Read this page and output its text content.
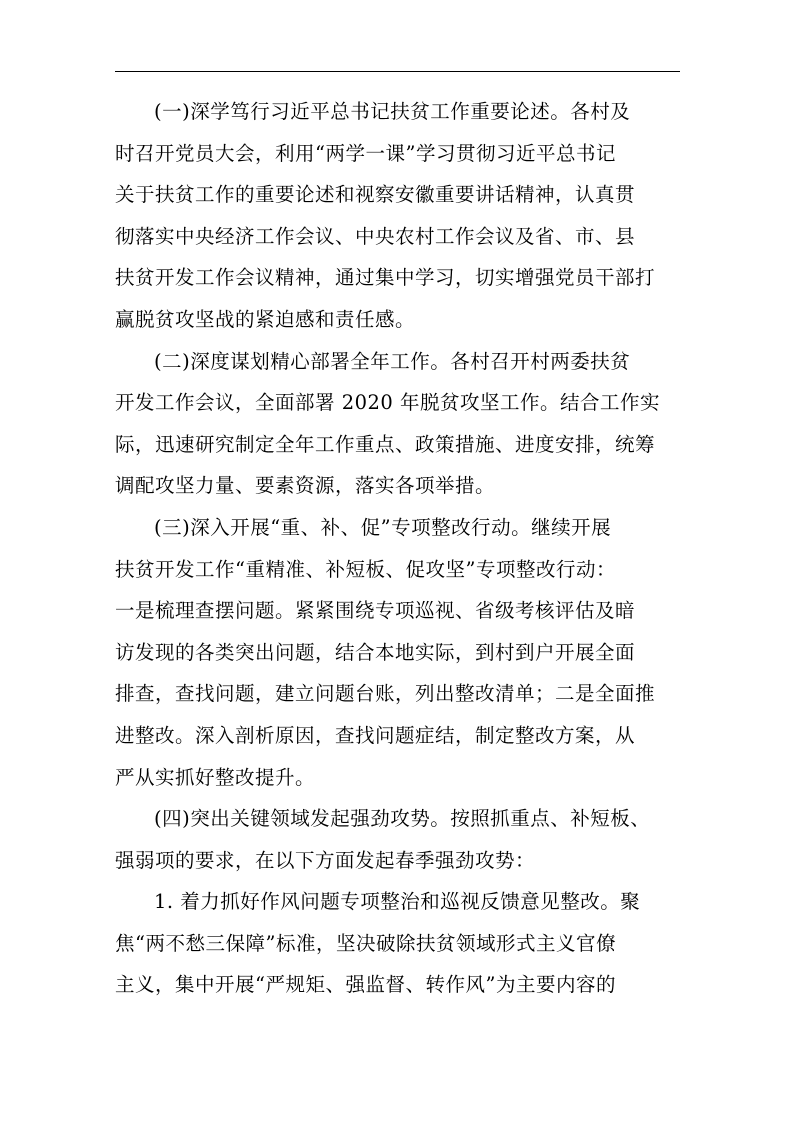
(一)深学笃行习近平总书记扶贫工作重要论述。各村及
时召开党员大会，利用“两学一课”学习贯彻习近平总书记
关于扶贫工作的重要论述和视察安徽重要讲话精神，认真贯
彻落实中央经济工作会议、中央农村工作会议及省、市、县
扶贫开发工作会议精神，通过集中学习，切实增强党员干部打
赢脱贫攻坚战的紧迫感和责任感。

(二)深度谋划精心部署全年工作。各村召开村两委扶贫
开发工作会议，全面部署 2020 年脱贫攻坚工作。结合工作实
际，迅速研究制定全年工作重点、政策措施、进度安排，统筹
调配攻坚力量、要素资源，落实各项举措。

(三)深入开展“重、补、促”专项整改行动。继续开展
扶贫开发工作“重精准、补短板、促攻坚”专项整改行动：
一是梳理查摆问题。紧紧围绕专项巡视、省级考核评估及暗
访发现的各类突出问题，结合本地实际，到村到户开展全面
排查，查找问题，建立问题台账，列出整改清单；二是全面推
进整改。深入剖析原因，查找问题症结，制定整改方案，从
严从实抓好整改提升。

(四)突出关键领域发起强劲攻势。按照抓重点、补短板、
强弱项的要求，在以下方面发起春季强劲攻势：

1. 着力抓好作风问题专项整治和巡视反馈意见整改。聚
焦“两不愁三保障”标准，坚决破除扶贫领域形式主义官僚
主义，集中开展“严规矩、强监督、转作风”为主要内容的
